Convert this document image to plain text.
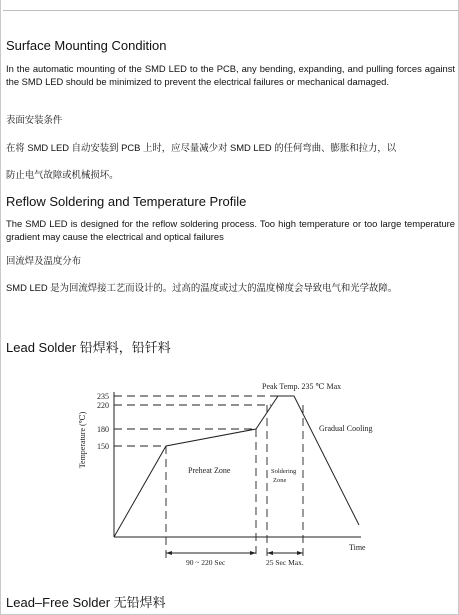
Surface Mounting Condition
In the automatic mounting of the SMD LED to the PCB, any bending, expanding, and pulling forces against the SMD LED should be minimized to prevent the electrical failures or mechanical damaged.
表面安装条件
在将 SMD LED 自动安装到 PCB 上时，应尽量减少对 SMD LED 的任何弯曲、膨胀和拉力，以
防止电气故障或机械损坏。
Reflow Soldering and Temperature Profile
The SMD LED is designed for the reflow soldering process. Too high temperature or too large temperature gradient may cause the electrical and optical failures
回流焊及温度分布
SMD LED 是为回流焊接工艺而设计的。过高的温度或过大的温度梯度会导致电气和光学故障。
Lead Solder 铅焊料，铅钎料
235
220
180
150
Temperature (℃)
Time
Peak Temp. 235 ℃ Max
Gradual Cooling
Preheat Zone	Soldering
Zone
90 ~ 220 Sec	25 Sec Max.
Lead–Free Solder 无铅焊料
